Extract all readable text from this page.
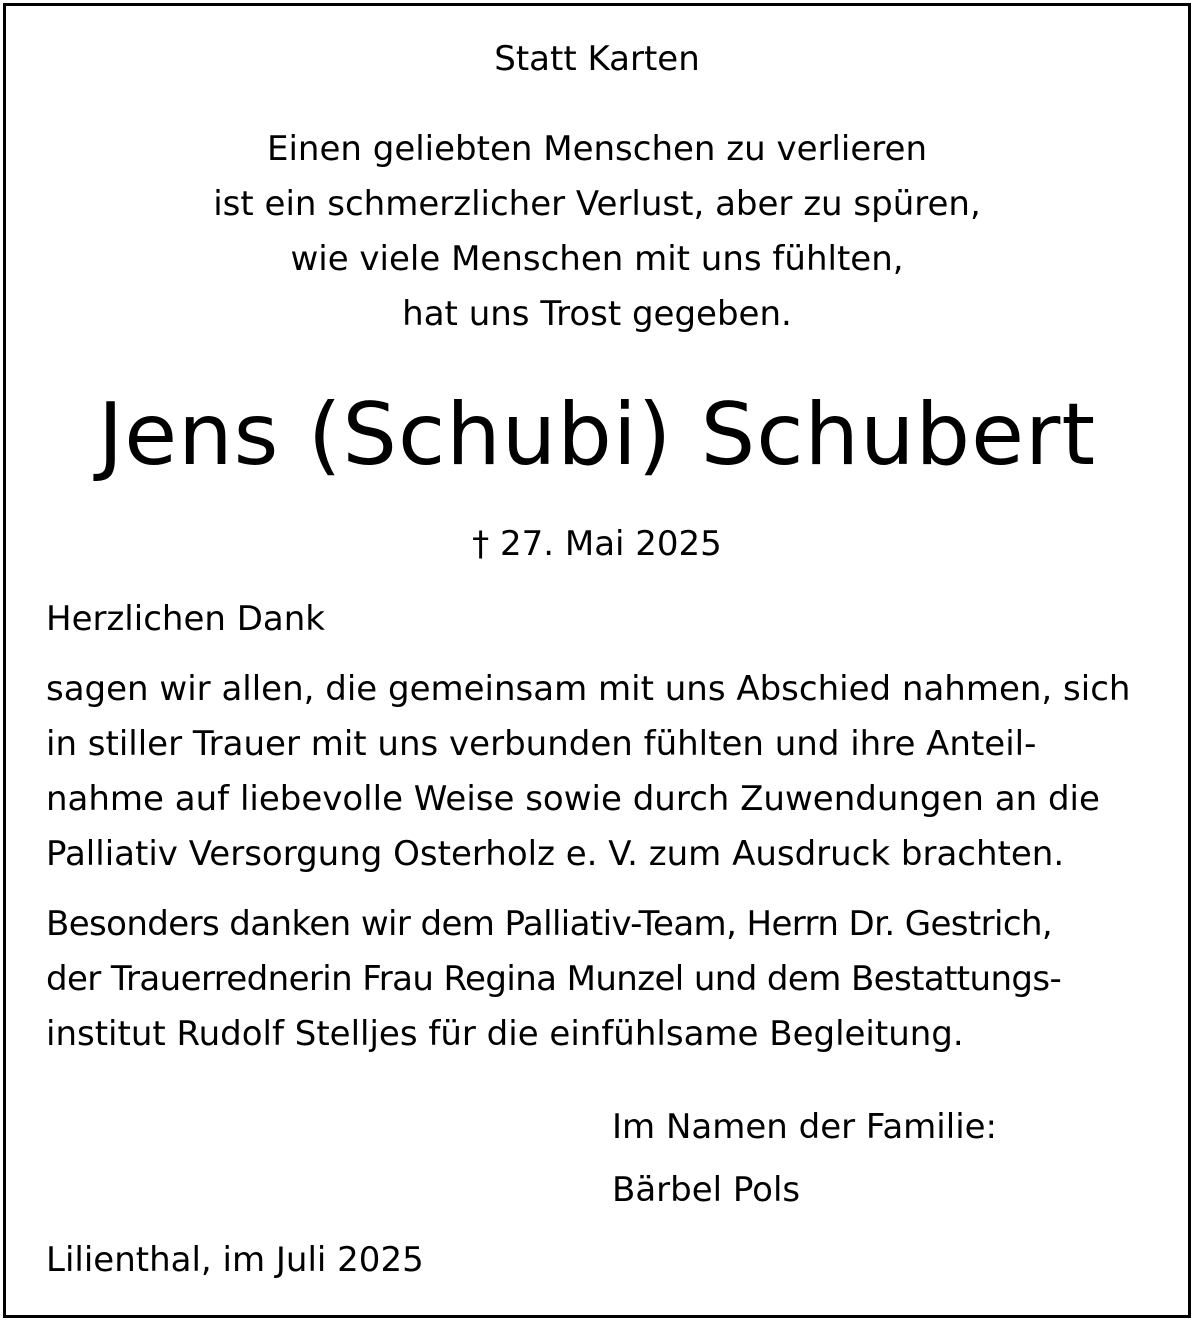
Statt Karten
Einen geliebten Menschen zu verlieren
ist ein schmerzlicher Verlust, aber zu spüren,
wie viele Menschen mit uns fühlten,
hat uns Trost gegeben.
Jens (Schubi) Schubert
† 27. Mai 2025
Herzlichen Dank
sagen wir allen, die gemeinsam mit uns Abschied nahmen, sich
in stiller Trauer mit uns verbunden fühlten und ihre Anteil-
nahme auf liebevolle Weise sowie durch Zuwendungen an die
Palliativ Versorgung Osterholz e. V. zum Ausdruck brachten.
Besonders danken wir dem Palliativ-Team, Herrn Dr. Gestrich,
der Trauerrednerin Frau Regina Munzel und dem Bestattungs-
institut Rudolf Stelljes für die einfühlsame Begleitung.
Im Namen der Familie:
Bärbel Pols
Lilienthal, im Juli 2025
